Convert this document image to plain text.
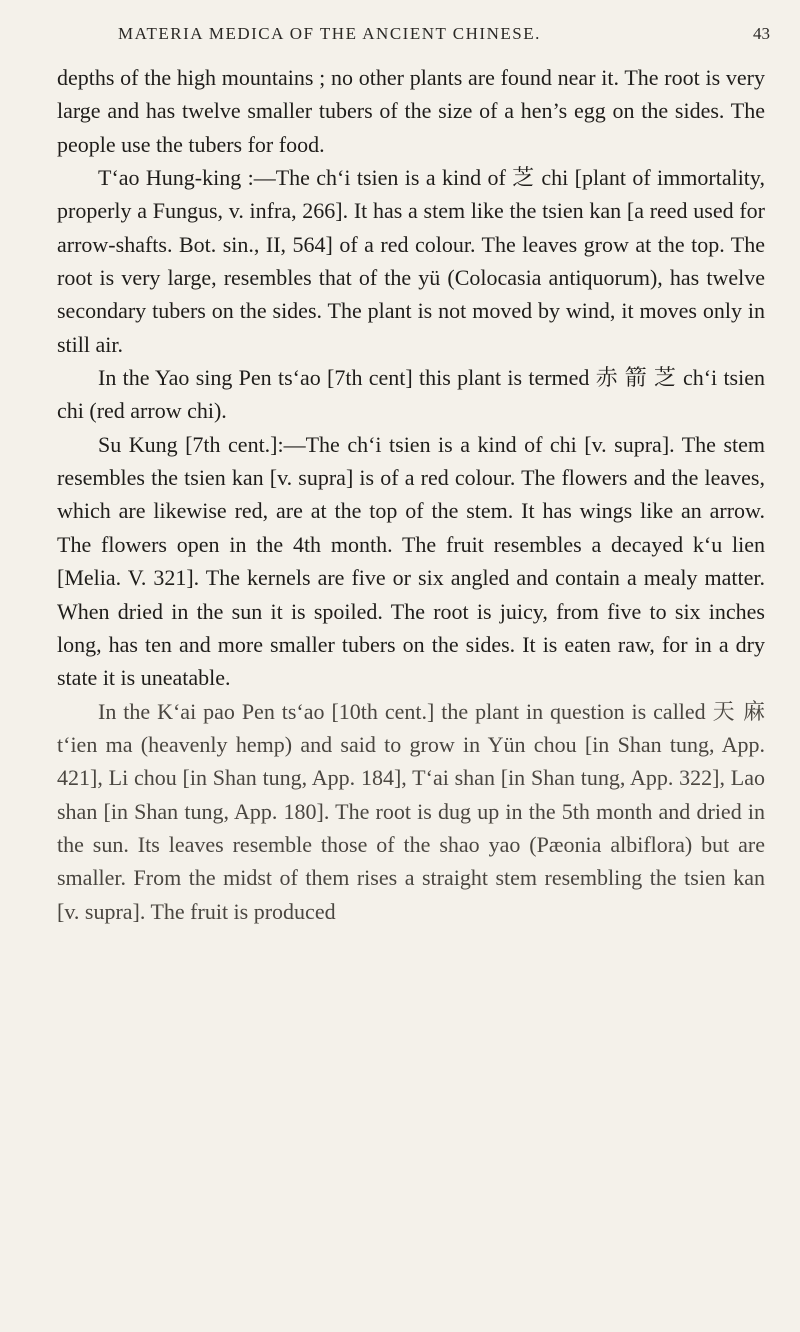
MATERIA MEDICA OF THE ANCIENT CHINESE.	43

depths of the high mountains ; no other plants are found near it. The root is very large and has twelve smaller tubers of the size of a hen’s egg on the sides. The people use the tubers for food.

T‘ao Hung-king :—The ch‘i tsien is a kind of 芝 chi [plant of immortality, properly a Fungus, v. infra, 266]. It has a stem like the tsien kan [a reed used for arrow-shafts. Bot. sin., II, 564] of a red colour. The leaves grow at the top. The root is very large, resembles that of the yü (Colocasia antiquorum), has twelve secondary tubers on the sides. The plant is not moved by wind, it moves only in still air.

In the Yao sing Pen ts‘ao [7th cent] this plant is termed 赤 箭 芝 ch‘i tsien chi (red arrow chi).

Su Kung [7th cent.]:—The ch‘i tsien is a kind of chi [v. supra]. The stem resembles the tsien kan [v. supra] is of a red colour. The flowers and the leaves, which are likewise red, are at the top of the stem. It has wings like an arrow. The flowers open in the 4th month. The fruit resembles a decayed k‘u lien [Melia. V. 321]. The kernels are five or six angled and contain a mealy matter. When dried in the sun it is spoiled. The root is juicy, from five to six inches long, has ten and more smaller tubers on the sides. It is eaten raw, for in a dry state it is uneatable.

In the K‘ai pao Pen ts‘ao [10th cent.] the plant in question is called 天 麻 t‘ien ma (heavenly hemp) and said to grow in Yün chou [in Shan tung, App. 421], Li chou [in Shan tung, App. 184], T‘ai shan [in Shan tung, App. 322], Lao shan [in Shan tung, App. 180]. The root is dug up in the 5th month and dried in the sun. Its leaves resemble those of the shao yao (Pæonia albiflora) but are smaller. From the midst of them rises a straight stem resembling the tsien kan [v. supra]. The fruit is produced
